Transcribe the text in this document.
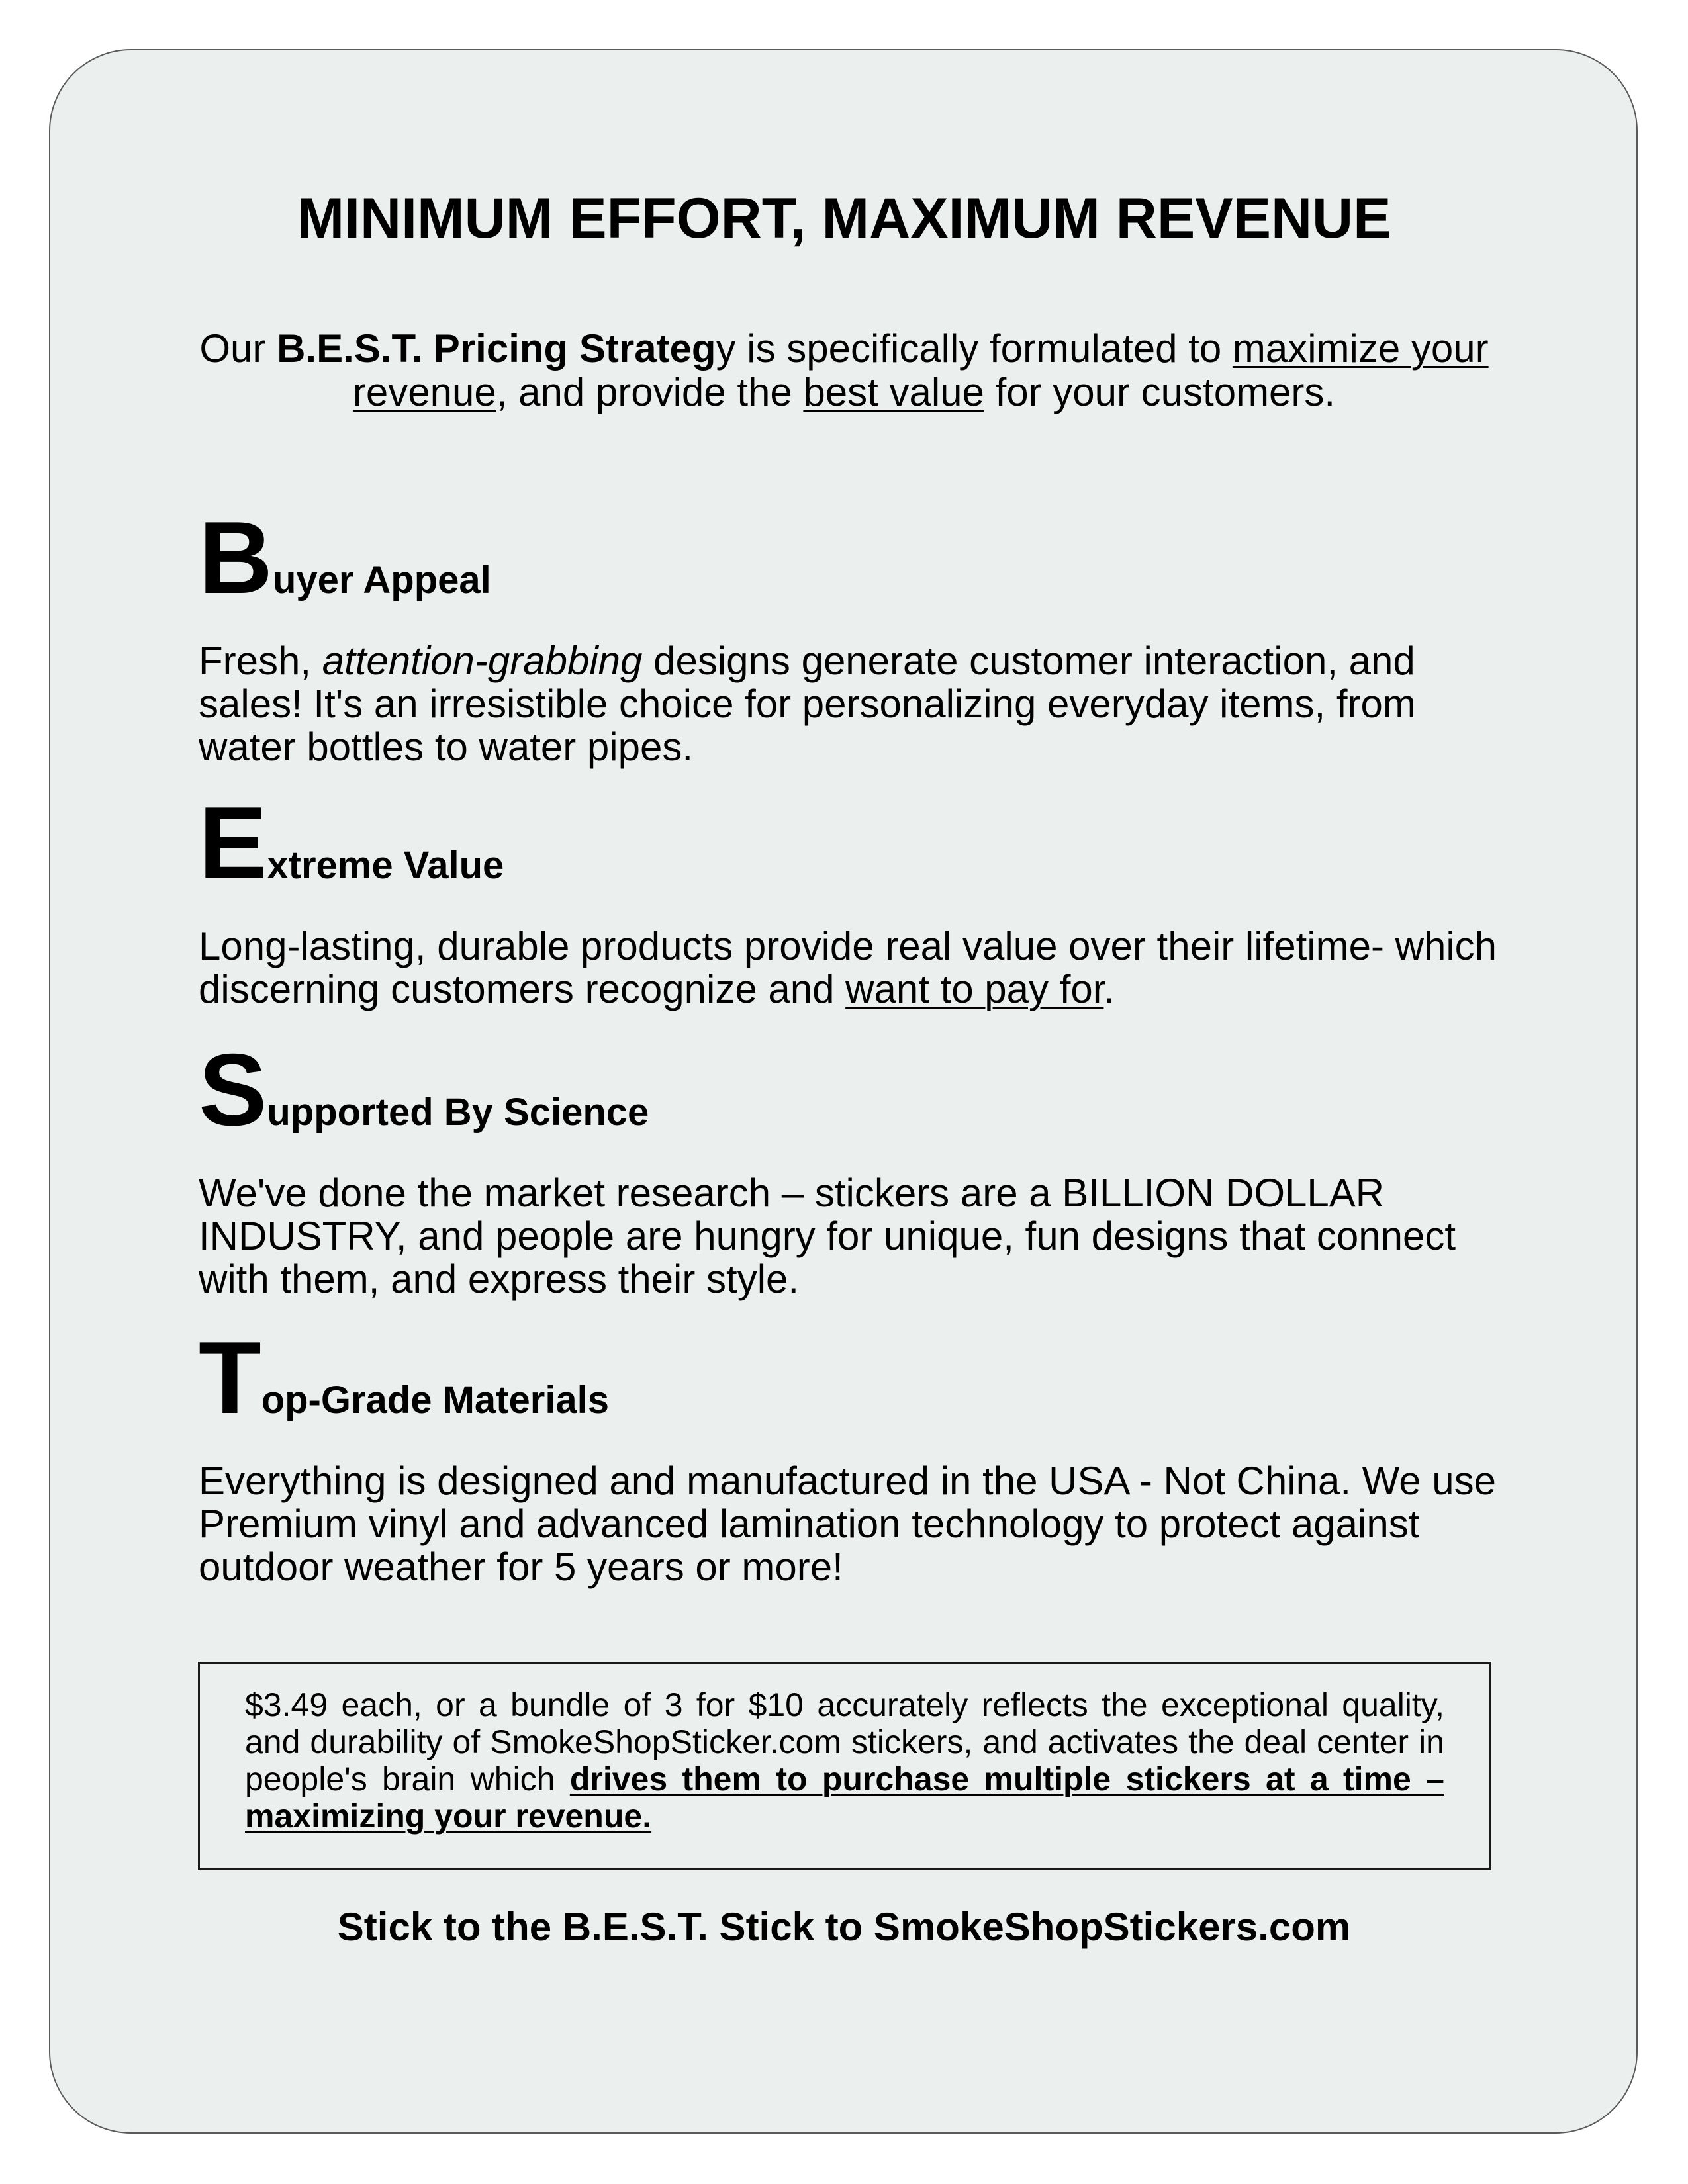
MINIMUM EFFORT, MAXIMUM REVENUE
Our B.E.S.T. Pricing Strategy is specifically formulated to maximize your revenue, and provide the best value for your customers.
Buyer Appeal
Fresh, attention-grabbing designs generate customer interaction, and sales! It's an irresistible choice for personalizing everyday items, from water bottles to water pipes.
Extreme Value
Long-lasting, durable products provide real value over their lifetime- which discerning customers recognize and want to pay for.
Supported By Science
We've done the market research – stickers are a BILLION DOLLAR INDUSTRY, and people are hungry for unique, fun designs that connect with them, and express their style.
Top-Grade Materials
Everything is designed and manufactured in the USA - Not China. We use Premium vinyl and advanced lamination technology to protect against outdoor weather for 5 years or more!
$3.49 each, or a bundle of 3 for $10 accurately reflects the exceptional quality, and durability of SmokeShopSticker.com stickers, and activates the deal center in people's brain which drives them to purchase multiple stickers at a time – maximizing your revenue.
Stick to the B.E.S.T. Stick to SmokeShopStickers.com
